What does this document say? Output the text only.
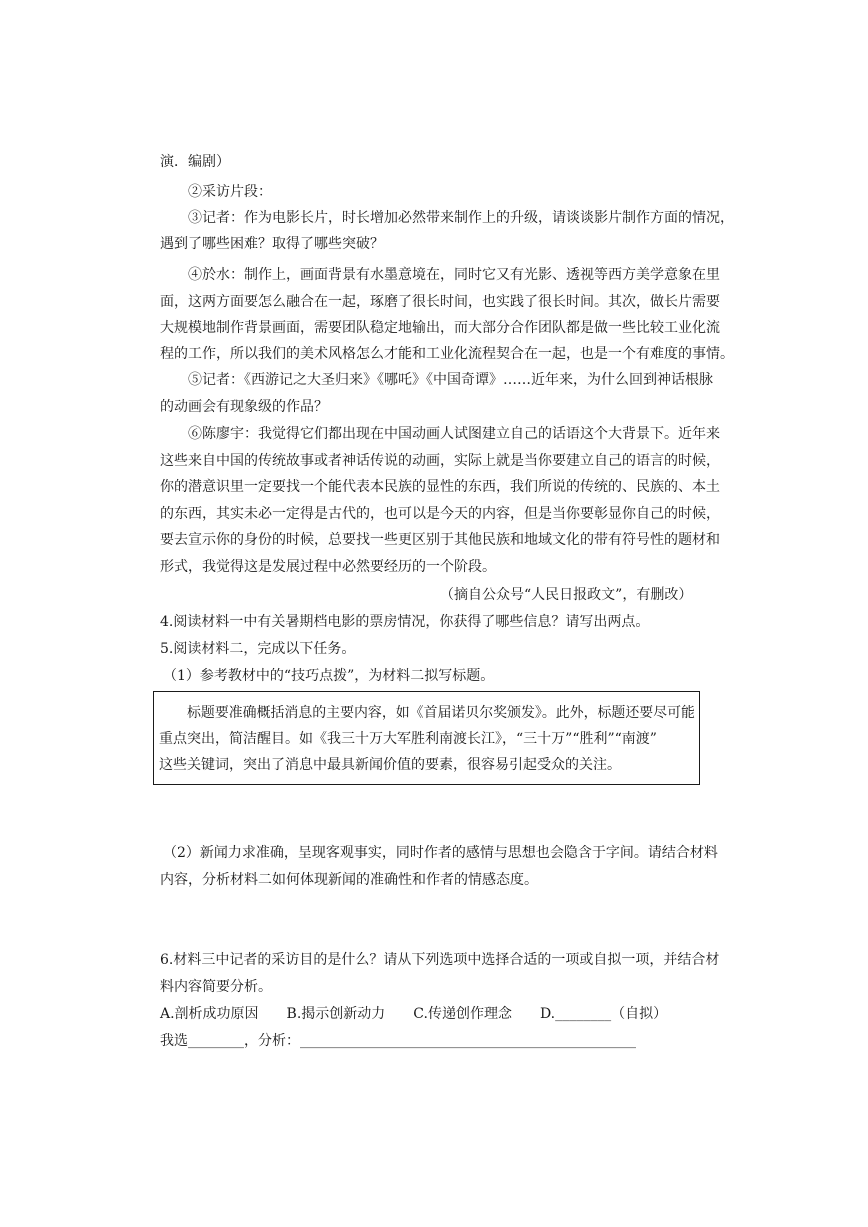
演．编剧）
②采访片段：
③记者：作为电影长片，时长增加必然带来制作上的升级，请谈谈影片制作方面的情况，
遇到了哪些困难？取得了哪些突破？
④於水：制作上，画面背景有水墨意境在，同时它又有光影、透视等西方美学意象在里
面，这两方面要怎么融合在一起，琢磨了很长时间，也实践了很长时间。其次，做长片需要
大规模地制作背景画面，需要团队稳定地输出，而大部分合作团队都是做一些比较工业化流
程的工作，所以我们的美术风格怎么才能和工业化流程契合在一起，也是一个有难度的事情。
⑤记者：《西游记之大圣归来》《哪吒》《中国奇谭》……近年来，为什么回到神话根脉
的动画会有现象级的作品？
⑥陈廖宇：我觉得它们都出现在中国动画人试图建立自己的话语这个大背景下。近年来
这些来自中国的传统故事或者神话传说的动画，实际上就是当你要建立自己的语言的时候，
你的潜意识里一定要找一个能代表本民族的显性的东西，我们所说的传统的、民族的、本土
的东西，其实未必一定得是古代的，也可以是今天的内容，但是当你要彰显你自己的时候，
要去宣示你的身份的时候，总要找一些更区别于其他民族和地域文化的带有符号性的题材和
形式，我觉得这是发展过程中必然要经历的一个阶段。
（摘自公众号“人民日报政文”，有删改）
4.阅读材料一中有关暑期档电影的票房情况，你获得了哪些信息？请写出两点。
5.阅读材料二，完成以下任务。
（1）参考教材中的“技巧点拨”，为材料二拟写标题。
标题要准确概括消息的主要内容，如《首届诺贝尔奖颁发》。此外，标题还要尽可能
重点突出，简洁醒目。如《我三十万大军胜利南渡长江》，“三十万”“胜利”“南渡”
这些关键词，突出了消息中最具新闻价值的要素，很容易引起受众的关注。
（2）新闻力求准确，呈现客观事实，同时作者的感情与思想也会隐含于字间。请结合材料
内容，分析材料二如何体现新闻的准确性和作者的情感态度。
6.材料三中记者的采访目的是什么？请从下列选项中选择合适的一项或自拟一项，并结合材
料内容简要分析。
A.剖析成功原因　　B.揭示创新动力　　C.传递创作理念　　D.________（自拟）
我选________，分析：________________________________________________
